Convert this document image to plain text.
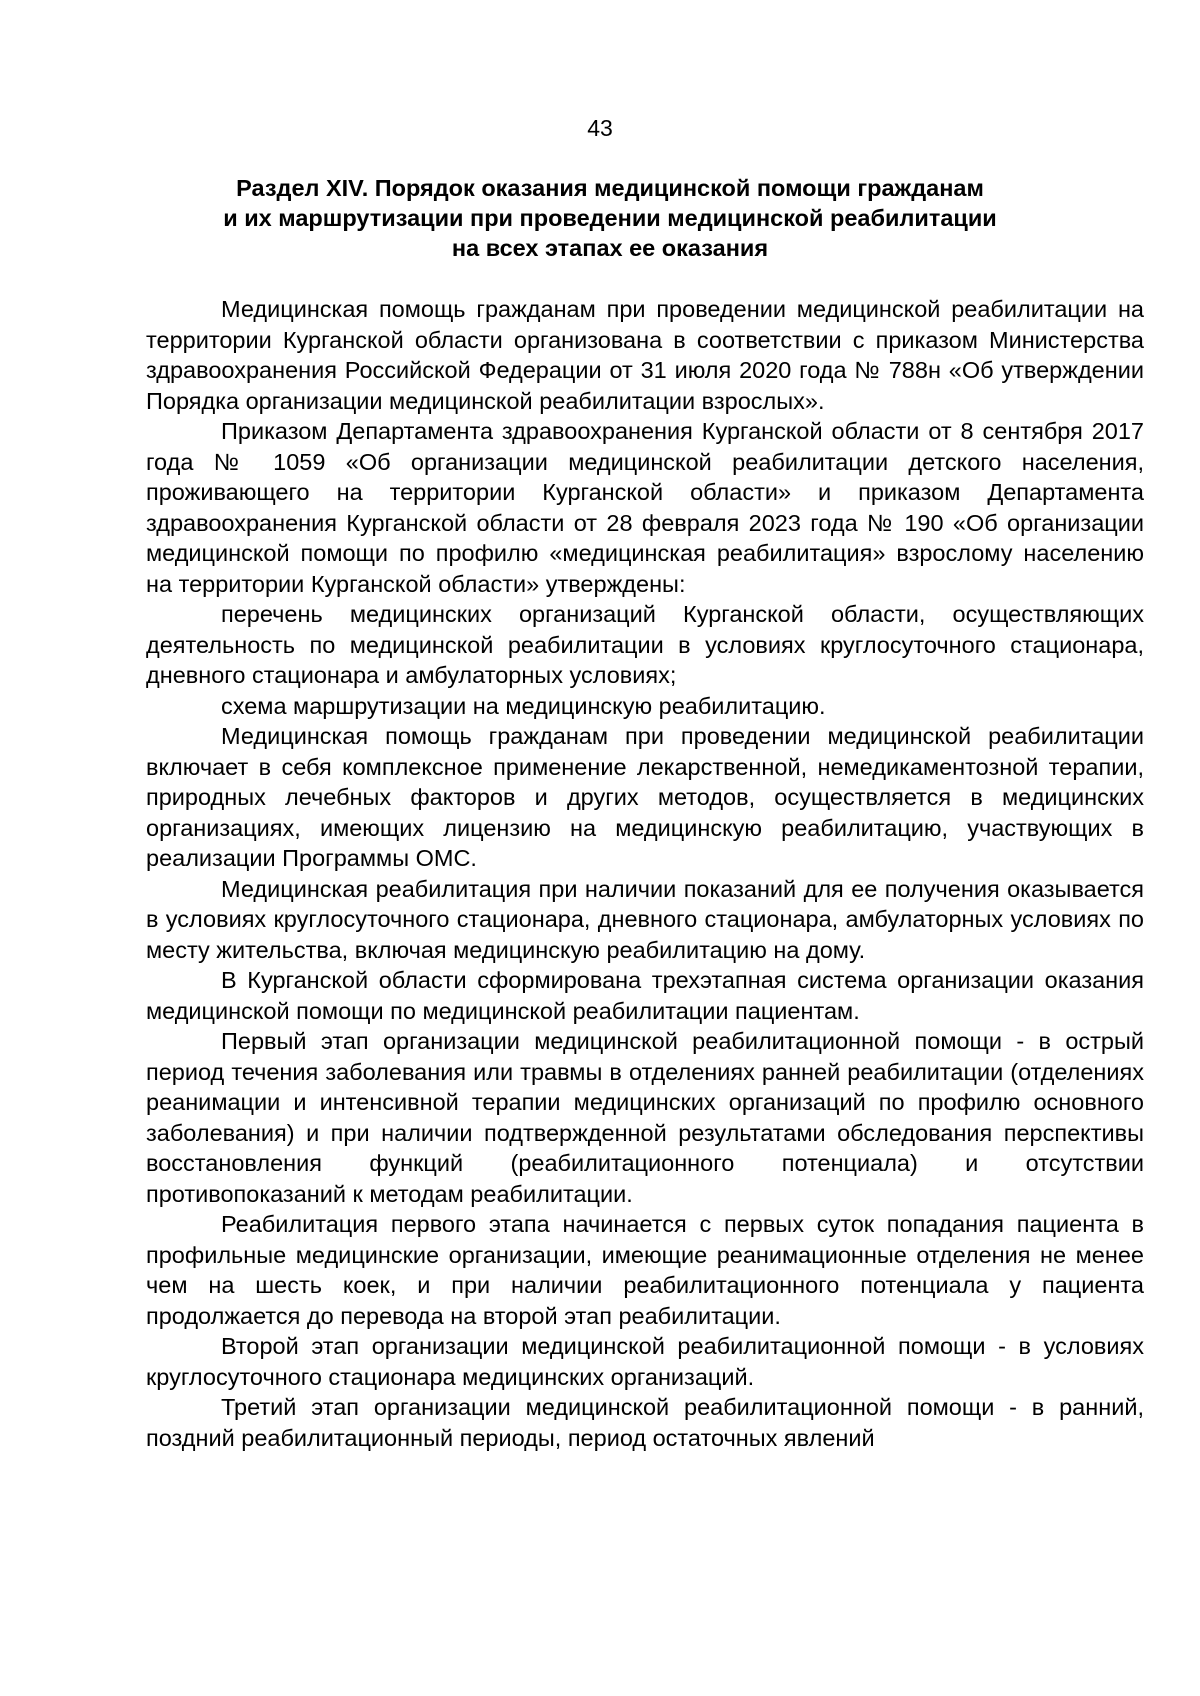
43
Раздел XIV. Порядок оказания медицинской помощи гражданам
и их маршрутизации при проведении медицинской реабилитации
на всех этапах ее оказания

Медицинская помощь гражданам при проведении медицинской реабилитации на территории Курганской области организована в соответствии с приказом Министерства здравоохранения Российской Федерации от 31 июля 2020 года № 788н «Об утверждении Порядка организации медицинской реабилитации взрослых».

Приказом Департамента здравоохранения Курганской области от 8 сентября 2017 года № 1059 «Об организации медицинской реабилитации детского населения, проживающего на территории Курганской области» и приказом Департамента здравоохранения Курганской области от 28 февраля 2023 года № 190 «Об организации медицинской помощи по профилю «медицинская реабилитация» взрослому населению на территории Курганской области» утверждены:

перечень медицинских организаций Курганской области, осуществляющих деятельность по медицинской реабилитации в условиях круглосуточного стационара, дневного стационара и амбулаторных условиях;

схема маршрутизации на медицинскую реабилитацию.

Медицинская помощь гражданам при проведении медицинской реабилитации включает в себя комплексное применение лекарственной, немедикаментозной терапии, природных лечебных факторов и других методов, осуществляется в медицинских организациях, имеющих лицензию на медицинскую реабилитацию, участвующих в реализации Программы ОМС.

Медицинская реабилитация при наличии показаний для ее получения оказывается в условиях круглосуточного стационара, дневного стационара, амбулаторных условиях по месту жительства, включая медицинскую реабилитацию на дому.

В Курганской области сформирована трехэтапная система организации оказания медицинской помощи по медицинской реабилитации пациентам.

Первый этап организации медицинской реабилитационной помощи - в острый период течения заболевания или травмы в отделениях ранней реабилитации (отделениях реанимации и интенсивной терапии медицинских организаций по профилю основного заболевания) и при наличии подтвержденной результатами обследования перспективы восстановления функций (реабилитационного потенциала) и отсутствии противопоказаний к методам реабилитации.

Реабилитация первого этапа начинается с первых суток попадания пациента в профильные медицинские организации, имеющие реанимационные отделения не менее чем на шесть коек, и при наличии реабилитационного потенциала у пациента продолжается до перевода на второй этап реабилитации.

Второй этап организации медицинской реабилитационной помощи - в условиях круглосуточного стационара медицинских организаций.

Третий этап организации медицинской реабилитационной помощи - в ранний, поздний реабилитационный периоды, период остаточных явлений
